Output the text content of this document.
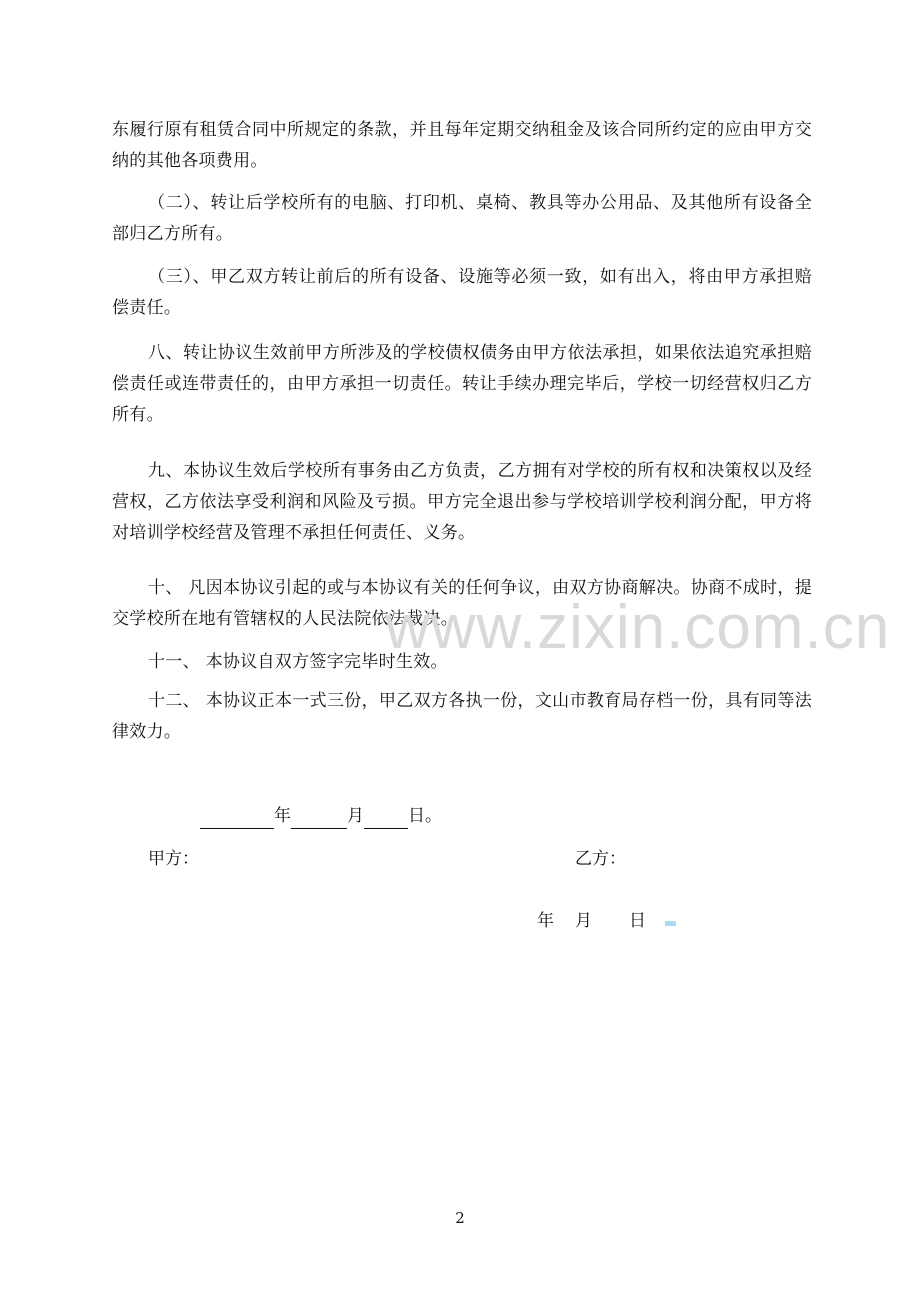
东履行原有租赁合同中所规定的条款，并且每年定期交纳租金及该合同所约定的应由甲方交纳的其他各项费用。
（二）、转让后学校所有的电脑、打印机、桌椅、教具等办公用品、及其他所有设备全部归乙方所有。
（三）、甲乙双方转让前后的所有设备、设施等必须一致，如有出入，将由甲方承担赔偿责任。
八、转让协议生效前甲方所涉及的学校债权债务由甲方依法承担，如果依法追究承担赔偿责任或连带责任的，由甲方承担一切责任。转让手续办理完毕后，学校一切经营权归乙方所有。
九、本协议生效后学校所有事务由乙方负责，乙方拥有对学校的所有权和决策权以及经营权，乙方依法享受利润和风险及亏损。甲方完全退出参与学校培训学校利润分配，甲方将对培训学校经营及管理不承担任何责任、义务。
十、 凡因本协议引起的或与本协议有关的任何争议，由双方协商解决。协商不成时，提交学校所在地有管辖权的人民法院依法裁决。
十一、 本协议自双方签字完毕时生效。
十二、 本协议正本一式三份，甲乙双方各执一份，文山市教育局存档一份，具有同等法律效力。
www.zixin.com.cn
年	月	日。
甲方：	乙方：
年 月 日
2
